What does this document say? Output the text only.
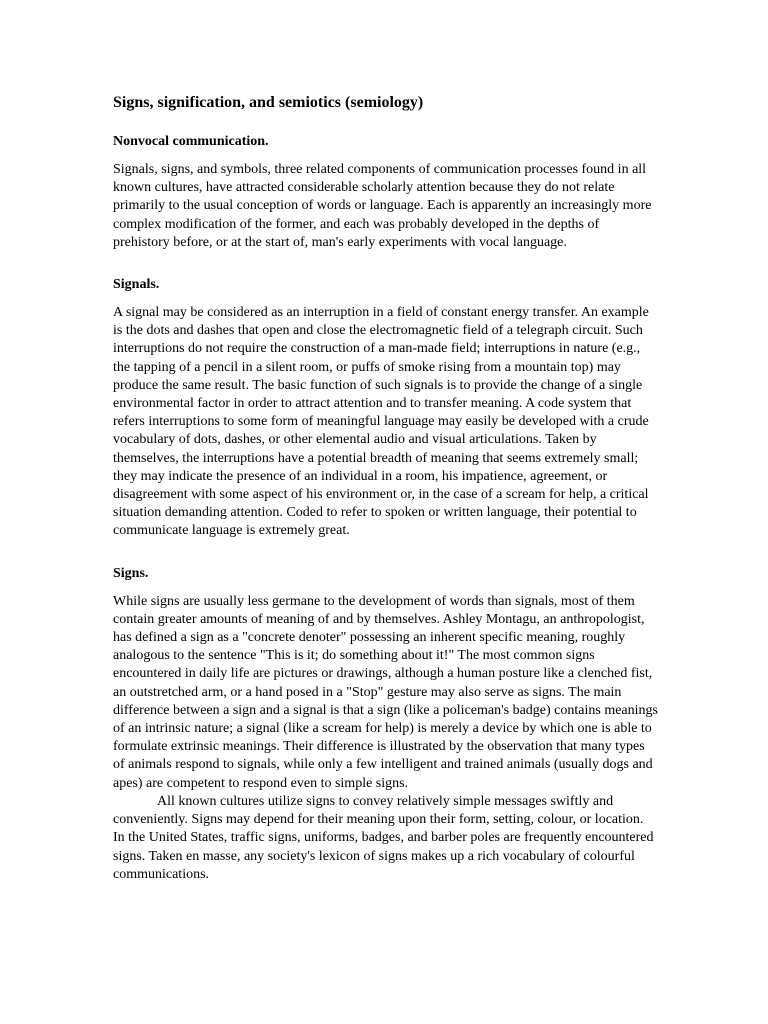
Signs, signification, and semiotics (semiology)
Nonvocal communication.

Signals, signs, and symbols, three related components of communication processes found in all known cultures, have attracted considerable scholarly attention because they do not relate primarily to the usual conception of words or language. Each is apparently an increasingly more complex modification of the former, and each was probably developed in the depths of prehistory before, or at the start of, man's early experiments with vocal language.

Signals.

A signal may be considered as an interruption in a field of constant energy transfer. An example is the dots and dashes that open and close the electromagnetic field of a telegraph circuit. Such interruptions do not require the construction of a man-made field; interruptions in nature (e.g., the tapping of a pencil in a silent room, or puffs of smoke rising from a mountain top) may produce the same result. The basic function of such signals is to provide the change of a single environmental factor in order to attract attention and to transfer meaning. A code system that refers interruptions to some form of meaningful language may easily be developed with a crude vocabulary of dots, dashes, or other elemental audio and visual articulations. Taken by themselves, the interruptions have a potential breadth of meaning that seems extremely small; they may indicate the presence of an individual in a room, his impatience, agreement, or disagreement with some aspect of his environment or, in the case of a scream for help, a critical situation demanding attention. Coded to refer to spoken or written language, their potential to communicate language is extremely great.

Signs.

While signs are usually less germane to the development of words than signals, most of them contain greater amounts of meaning of and by themselves. Ashley Montagu, an anthropologist, has defined a sign as a "concrete denoter" possessing an inherent specific meaning, roughly analogous to the sentence "This is it; do something about it!" The most common signs encountered in daily life are pictures or drawings, although a human posture like a clenched fist, an outstretched arm, or a hand posed in a "Stop" gesture may also serve as signs. The main difference between a sign and a signal is that a sign (like a policeman's badge) contains meanings of an intrinsic nature; a signal (like a scream for help) is merely a device by which one is able to formulate extrinsic meanings. Their difference is illustrated by the observation that many types of animals respond to signals, while only a few intelligent and trained animals (usually dogs and apes) are competent to respond even to simple signs.

All known cultures utilize signs to convey relatively simple messages swiftly and conveniently. Signs may depend for their meaning upon their form, setting, colour, or location. In the United States, traffic signs, uniforms, badges, and barber poles are frequently encountered signs. Taken en masse, any society's lexicon of signs makes up a rich vocabulary of colourful communications.
